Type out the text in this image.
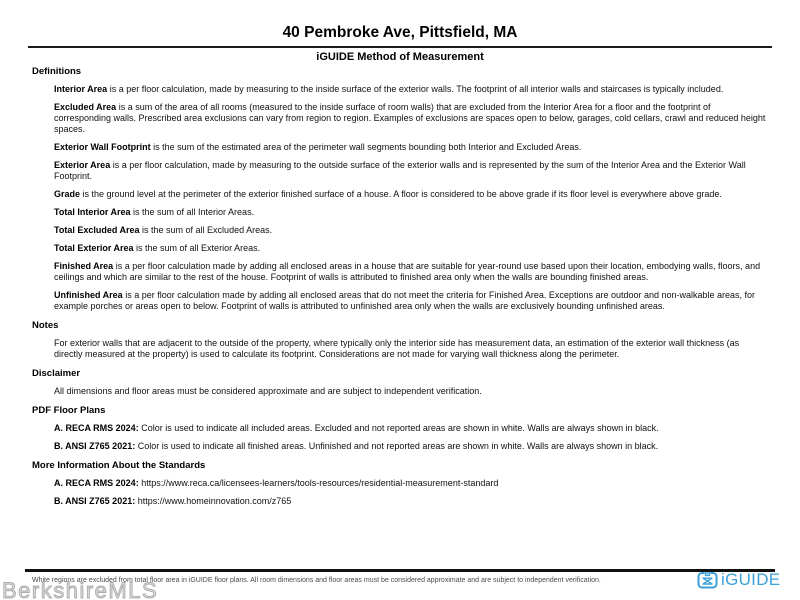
40 Pembroke Ave, Pittsfield, MA
iGUIDE Method of Measurement
Definitions
Interior Area is a per floor calculation, made by measuring to the inside surface of the exterior walls. The footprint of all interior walls and staircases is typically included.
Excluded Area is a sum of the area of all rooms (measured to the inside surface of room walls) that are excluded from the Interior Area for a floor and the footprint of corresponding walls. Prescribed area exclusions can vary from region to region. Examples of exclusions are spaces open to below, garages, cold cellars, crawl and reduced height spaces.
Exterior Wall Footprint is the sum of the estimated area of the perimeter wall segments bounding both Interior and Excluded Areas.
Exterior Area is a per floor calculation, made by measuring to the outside surface of the exterior walls and is represented by the sum of the Interior Area and the Exterior Wall Footprint.
Grade is the ground level at the perimeter of the exterior finished surface of a house. A floor is considered to be above grade if its floor level is everywhere above grade.
Total Interior Area is the sum of all Interior Areas.
Total Excluded Area is the sum of all Excluded Areas.
Total Exterior Area is the sum of all Exterior Areas.
Finished Area is a per floor calculation made by adding all enclosed areas in a house that are suitable for year-round use based upon their location, embodying walls, floors, and ceilings and which are similar to the rest of the house. Footprint of walls is attributed to finished area only when the walls are bounding finished areas.
Unfinished Area is a per floor calculation made by adding all enclosed areas that do not meet the criteria for Finished Area. Exceptions are outdoor and non-walkable areas, for example porches or areas open to below. Footprint of walls is attributed to unfinished area only when the walls are exclusively bounding unfinished areas.
Notes
For exterior walls that are adjacent to the outside of the property, where typically only the interior side has measurement data, an estimation of the exterior wall thickness (as directly measured at the property) is used to calculate its footprint. Considerations are not made for varying wall thickness along the perimeter.
Disclaimer
All dimensions and floor areas must be considered approximate and are subject to independent verification.
PDF Floor Plans
A. RECA RMS 2024: Color is used to indicate all included areas. Excluded and not reported areas are shown in white. Walls are always shown in black.
B. ANSI Z765 2021: Color is used to indicate all finished areas. Unfinished and not reported areas are shown in white. Walls are always shown in black.
More Information About the Standards
A. RECA RMS 2024: https://www.reca.ca/licensees-learners/tools-resources/residential-measurement-standard
B. ANSI Z765 2021: https://www.homeinnovation.com/z765
White regions are excluded from total floor area in iGUIDE floor plans. All room dimensions and floor areas must be considered approximate and are subject to independent verification.	iGUIDE
BerkshireMLS
